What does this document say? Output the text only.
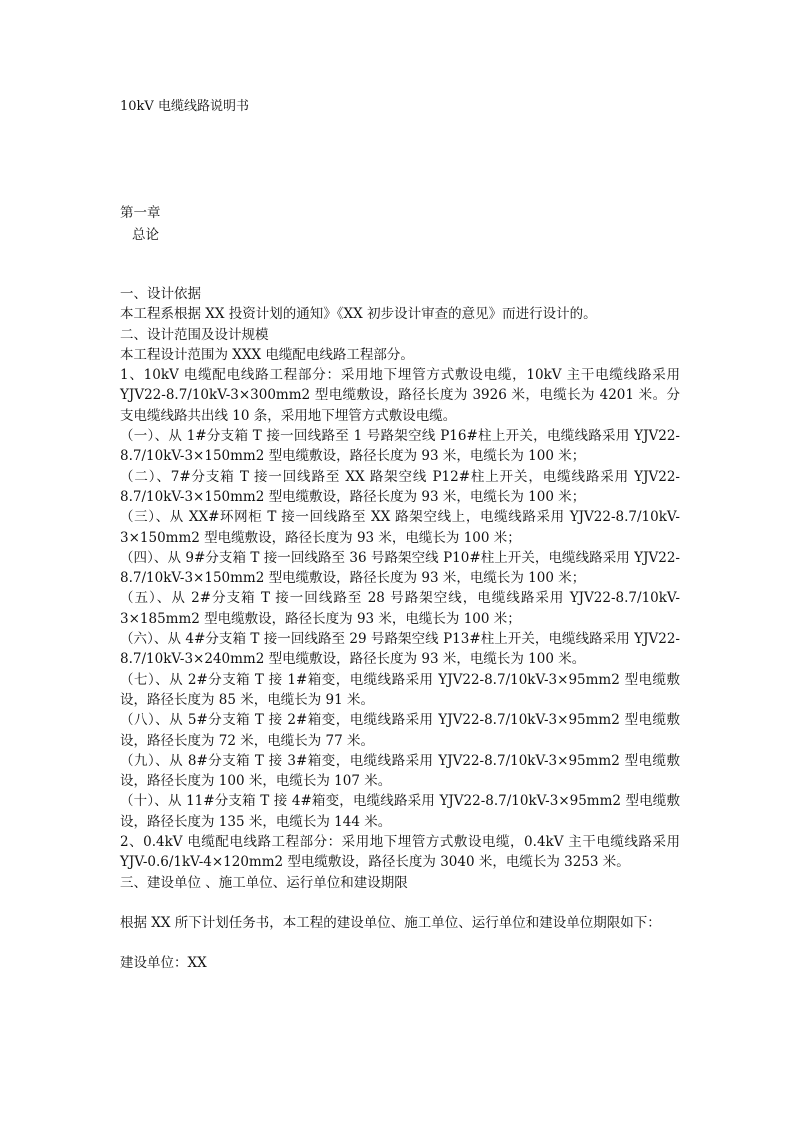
10kV 电缆线路说明书
第一章
总论

一、设计依据

本工程系根据 XX 投资计划的通知》《XX 初步设计审查的意见》而进行设计的。

二、设计范围及设计规模

本工程设计范围为 XXX 电缆配电线路工程部分。

1、10kV 电缆配电线路工程部分：采用地下埋管方式敷设电缆，10kV 主干电缆线路采用 YJV22-8.7/10kV-3×300mm2 型电缆敷设，路径长度为 3926 米，电缆长为 4201 米。分支电缆线路共出线 10 条，采用地下埋管方式敷设电缆。

（一）、从 1#分支箱 T 接一回线路至 1 号路架空线 P16#柱上开关，电缆线路采用 YJV22-8.7/10kV-3×150mm2 型电缆敷设，路径长度为 93 米，电缆长为 100 米；

（二）、7#分支箱 T 接一回线路至 XX 路架空线 P12#柱上开关，电缆线路采用 YJV22-8.7/10kV-3×150mm2 型电缆敷设，路径长度为 93 米，电缆长为 100 米；

（三）、从 XX#环网柜 T 接一回线路至 XX 路架空线上，电缆线路采用 YJV22-8.7/10kV-3×150mm2 型电缆敷设，路径长度为 93 米，电缆长为 100 米；

（四）、从 9#分支箱 T 接一回线路至 36 号路架空线 P10#柱上开关，电缆线路采用 YJV22-8.7/10kV-3×150mm2 型电缆敷设，路径长度为 93 米，电缆长为 100 米；

（五）、从 2#分支箱 T 接一回线路至 28 号路架空线，电缆线路采用 YJV22-8.7/10kV-3×185mm2 型电缆敷设，路径长度为 93 米，电缆长为 100 米；

（六）、从 4#分支箱 T 接一回线路至 29 号路架空线 P13#柱上开关，电缆线路采用 YJV22-8.7/10kV-3×240mm2 型电缆敷设，路径长度为 93 米，电缆长为 100 米。

（七）、从 2#分支箱 T 接 1#箱变，电缆线路采用 YJV22-8.7/10kV-3×95mm2 型电缆敷设，路径长度为 85 米，电缆长为 91 米。

（八）、从 5#分支箱 T 接 2#箱变，电缆线路采用 YJV22-8.7/10kV-3×95mm2 型电缆敷设，路径长度为 72 米，电缆长为 77 米。

（九）、从 8#分支箱 T 接 3#箱变，电缆线路采用 YJV22-8.7/10kV-3×95mm2 型电缆敷设，路径长度为 100 米，电缆长为 107 米。

（十）、从 11#分支箱 T 接 4#箱变，电缆线路采用 YJV22-8.7/10kV-3×95mm2 型电缆敷设，路径长度为 135 米，电缆长为 144 米。

2、0.4kV 电缆配电线路工程部分：采用地下埋管方式敷设电缆，0.4kV 主干电缆线路采用 YJV-0.6/1kV-4×120mm2 型电缆敷设，路径长度为 3040 米，电缆长为 3253 米。

三、建设单位 、施工单位、运行单位和建设期限

根据 XX 所下计划任务书，本工程的建设单位、施工单位、运行单位和建设单位期限如下：

建设单位：XX
